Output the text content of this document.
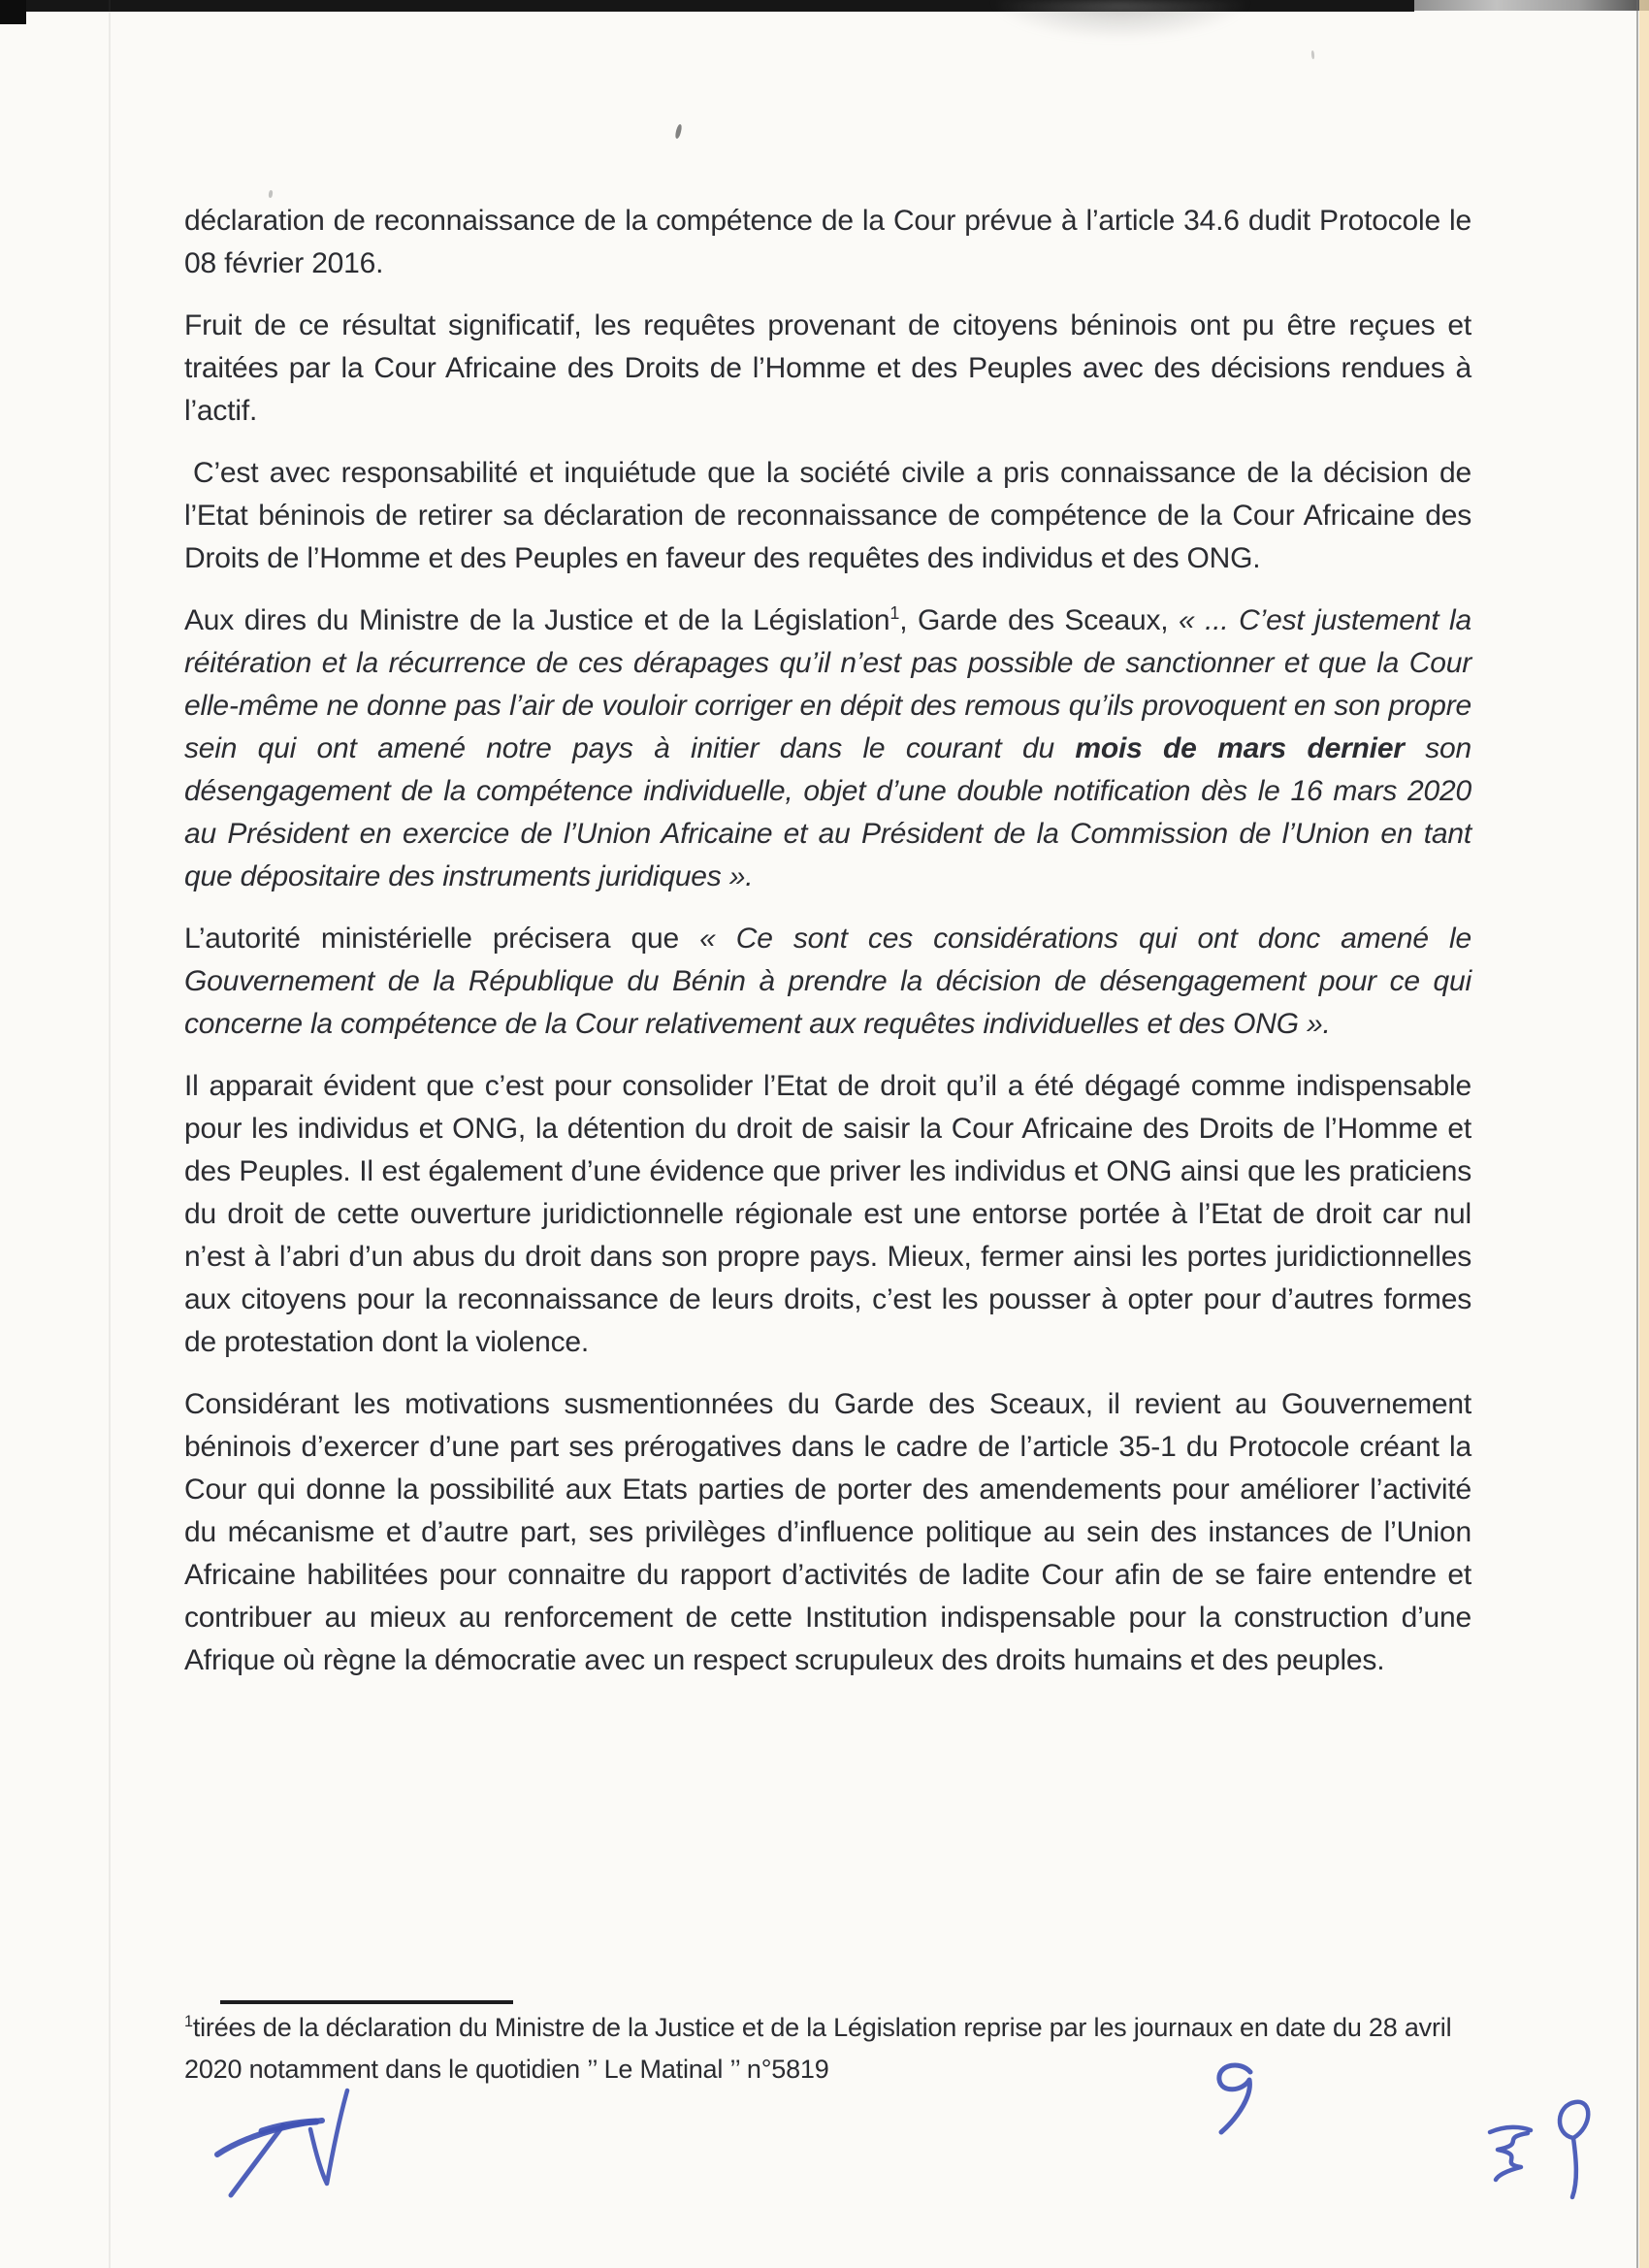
déclaration de reconnaissance de la compétence de la Cour prévue à l’article 34.6 dudit Protocole le 08 février 2016.

Fruit de ce résultat significatif, les requêtes provenant de citoyens béninois ont pu être reçues et traitées par la Cour Africaine des Droits de l’Homme et des Peuples avec des décisions rendues à l’actif.

C’est avec responsabilité et inquiétude que la société civile a pris connaissance de la décision de l’Etat béninois de retirer sa déclaration de reconnaissance de compétence de la Cour Africaine des Droits de l’Homme et des Peuples en faveur des requêtes des individus et des ONG.

Aux dires du Ministre de la Justice et de la Législation$^1$, Garde des Sceaux, « ... C’est justement la réitération et la récurrence de ces dérapages qu’il n’est pas possible de sanctionner et que la Cour elle-même ne donne pas l’air de vouloir corriger en dépit des remous qu’ils provoquent en son propre sein qui ont amené notre pays à initier dans le courant du mois de mars dernier son désengagement de la compétence individuelle, objet d’une double notification dès le 16 mars 2020 au Président en exercice de l’Union Africaine et au Président de la Commission de l’Union en tant que dépositaire des instruments juridiques ».

L’autorité ministérielle précisera que « Ce sont ces considérations qui ont donc amené le Gouvernement de la République du Bénin à prendre la décision de désengagement pour ce qui concerne la compétence de la Cour relativement aux requêtes individuelles et des ONG ».

Il apparait évident que c’est pour consolider l’Etat de droit qu’il a été dégagé comme indispensable pour les individus et ONG, la détention du droit de saisir la Cour Africaine des Droits de l’Homme et des Peuples. Il est également d’une évidence que priver les individus et ONG ainsi que les praticiens du droit de cette ouverture juridictionnelle régionale est une entorse portée à l’Etat de droit car nul n’est à l’abri d’un abus du droit dans son propre pays. Mieux, fermer ainsi les portes juridictionnelles aux citoyens pour la reconnaissance de leurs droits, c’est les pousser à opter pour d’autres formes de protestation dont la violence.

Considérant les motivations susmentionnées du Garde des Sceaux, il revient au Gouvernement béninois d’exercer d’une part ses prérogatives dans le cadre de l’article 35-1 du Protocole créant la Cour qui donne la possibilité aux Etats parties de porter des amendements pour améliorer l’activité du mécanisme et d’autre part, ses privilèges d’influence politique au sein des instances de l’Union Africaine habilitées pour connaitre du rapport d’activités de ladite Cour afin de se faire entendre et contribuer au mieux au renforcement de cette Institution indispensable pour la construction d’une Afrique où règne la démocratie avec un respect scrupuleux des droits humains et des peuples.

$^1$tirées de la déclaration du Ministre de la Justice et de la Législation reprise par les journaux en date du 28 avril 2020 notamment dans le quotidien ’’ Le Matinal ’’ n°5819
